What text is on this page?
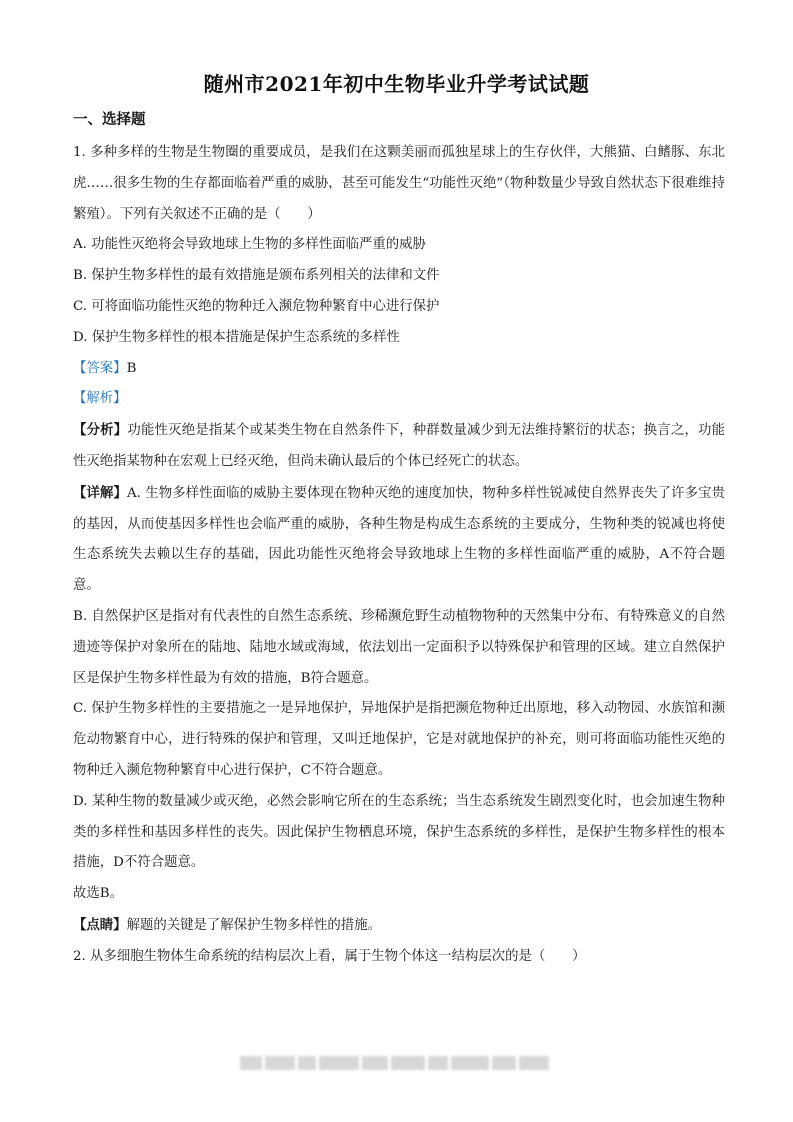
随州市2021年初中生物毕业升学考试试题
一、选择题

1. 多种多样的生物是生物圈的重要成员，是我们在这颗美丽而孤独星球上的生存伙伴，大熊猫、白鳍豚、东北虎……很多生物的生存都面临着严重的威胁，甚至可能发生“功能性灭绝”（物种数量少导致自然状态下很难维持繁殖）。下列有关叙述不正确的是（　　）

A. 功能性灭绝将会导致地球上生物的多样性面临严重的威胁

B. 保护生物多样性的最有效措施是颁布系列相关的法律和文件

C. 可将面临功能性灭绝的物种迁入濒危物种繁育中心进行保护

D. 保护生物多样性的根本措施是保护生态系统的多样性

【答案】B

【解析】

【分析】功能性灭绝是指某个或某类生物在自然条件下，种群数量减少到无法维持繁衍的状态；换言之，功能性灭绝指某物种在宏观上已经灭绝，但尚未确认最后的个体已经死亡的状态。

【详解】A. 生物多样性面临的威胁主要体现在物种灭绝的速度加快，物种多样性锐减使自然界丧失了许多宝贵的基因，从而使基因多样性也会临严重的威胁，各种生物是构成生态系统的主要成分，生物种类的锐减也将使生态系统失去赖以生存的基础，因此功能性灭绝将会导致地球上生物的多样性面临严重的威胁，A不符合题意。

B. 自然保护区是指对有代表性的自然生态系统、珍稀濒危野生动植物物种的天然集中分布、有特殊意义的自然遗迹等保护对象所在的陆地、陆地水域或海域，依法划出一定面积予以特殊保护和管理的区域。建立自然保护区是保护生物多样性最为有效的措施，B符合题意。

C. 保护生物多样性的主要措施之一是异地保护，异地保护是指把濒危物种迁出原地，移入动物园、水族馆和濒危动物繁育中心，进行特殊的保护和管理，又叫迁地保护，它是对就地保护的补充，则可将面临功能性灭绝的物种迁入濒危物种繁育中心进行保护，C不符合题意。

D. 某种生物的数量减少或灭绝，必然会影响它所在的生态系统；当生态系统发生剧烈变化时，也会加速生物种类的多样性和基因多样性的丧失。因此保护生物栖息环境，保护生态系统的多样性，是保护生物多样性的根本措施，D不符合题意。

故选B。

【点睛】解题的关键是了解保护生物多样性的措施。

2. 从多细胞生物体生命系统的结构层次上看，属于生物个体这一结构层次的是（　　）
